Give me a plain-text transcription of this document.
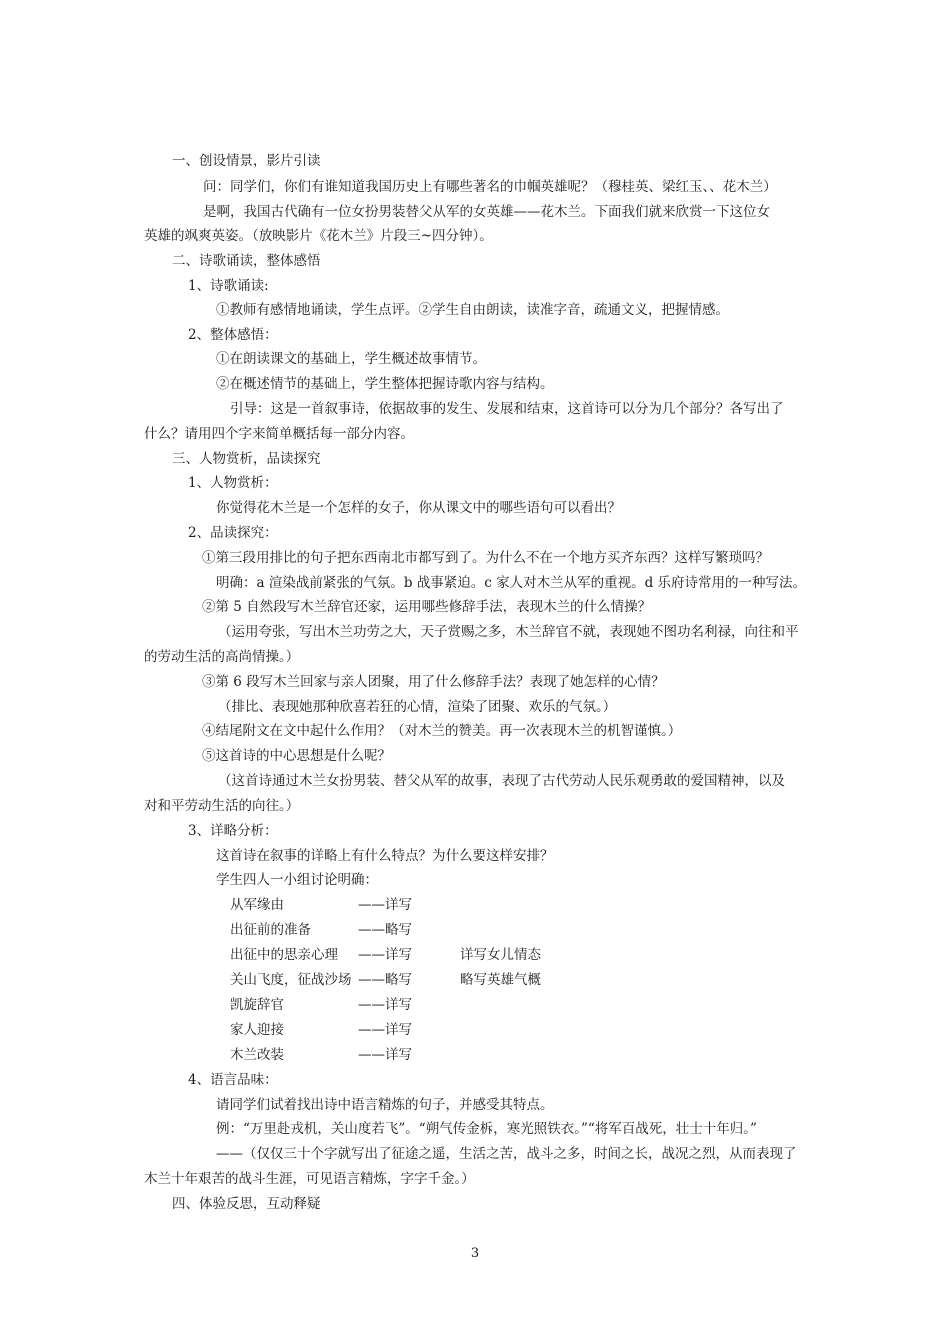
一、创设情景，影片引读
问：同学们，你们有谁知道我国历史上有哪些著名的巾帼英雄呢？（穆桂英、梁红玉、、花木兰）
是啊，我国古代确有一位女扮男装替父从军的女英雄——花木兰。下面我们就来欣赏一下这位女
英雄的飒爽英姿。（放映影片《花木兰》片段三~四分钟）。
二、诗歌诵读，整体感悟
1、诗歌诵读:
①教师有感情地诵读，学生点评。②学生自由朗读，读准字音，疏通文义，把握情感。
2、整体感悟：
①在朗读课文的基础上，学生概述故事情节。
②在概述情节的基础上，学生整体把握诗歌内容与结构。
引导：这是一首叙事诗，依据故事的发生、发展和结束，这首诗可以分为几个部分？各写出了
什么？请用四个字来简单概括每一部分内容。
三、人物赏析，品读探究
1、人物赏析：
你觉得花木兰是一个怎样的女子，你从课文中的哪些语句可以看出？
2、品读探究：
①第三段用排比的句子把东西南北市都写到了。为什么不在一个地方买齐东西？这样写繁琐吗？
明确：a 渲染战前紧张的气氛。b 战事紧迫。c 家人对木兰从军的重视。d 乐府诗常用的一种写法。
②第 5 自然段写木兰辞官还家，运用哪些修辞手法，表现木兰的什么情操？
（运用夸张，写出木兰功劳之大，天子赏赐之多，木兰辞官不就，表现她不图功名利禄，向往和平
的劳动生活的高尚情操。）
③第 6 段写木兰回家与亲人团聚，用了什么修辞手法？表现了她怎样的心情？
（排比、表现她那种欣喜若狂的心情，渲染了团聚、欢乐的气氛。）
④结尾附文在文中起什么作用？（对木兰的赞美。再一次表现木兰的机智谨慎。）
⑤这首诗的中心思想是什么呢？
（这首诗通过木兰女扮男装、替父从军的故事，表现了古代劳动人民乐观勇敢的爱国精神，以及
对和平劳动生活的向往。）
3、详略分析：
这首诗在叙事的详略上有什么特点？为什么要这样安排？
学生四人一小组讨论明确：
4、语言品味：
请同学们试着找出诗中语言精炼的句子，并感受其特点。
例：“万里赴戎机，关山度若飞”。“朔气传金柝，寒光照铁衣。”“将军百战死，壮士十年归。”
——（仅仅三十个字就写出了征途之遥，生活之苦，战斗之多，时间之长，战况之烈，从而表现了
木兰十年艰苦的战斗生涯，可见语言精炼，字字千金。）
四、体验反思，互动释疑
从军缘由	——详写
出征前的准备	——略写
出征中的思亲心理 ——详写	详写女儿情态
关山飞度，征战沙场 ——略写	略写英雄气概
凯旋辞官	——详写
家人迎接	——详写
木兰改装	——详写
3
